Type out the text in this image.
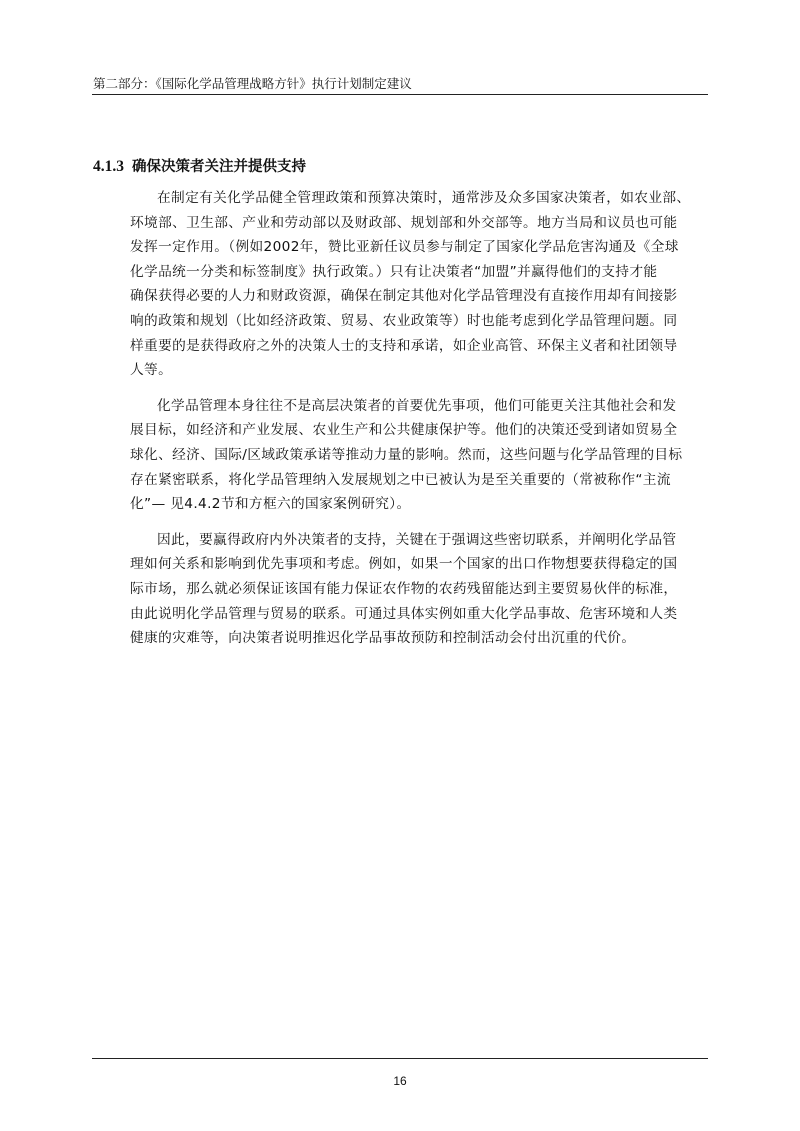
第二部分：《国际化学品管理战略方针》执行计划制定建议
4.1.3 确保决策者关注并提供支持
在制定有关化学品健全管理政策和预算决策时，通常涉及众多国家决策者，如农业部、
环境部、卫生部、产业和劳动部以及财政部、规划部和外交部等。地方当局和议员也可能
发挥一定作用。（例如2002年，赞比亚新任议员参与制定了国家化学品危害沟通及《全球
化学品统一分类和标签制度》执行政策。）只有让决策者“加盟”并赢得他们的支持才能
确保获得必要的人力和财政资源，确保在制定其他对化学品管理没有直接作用却有间接影
响的政策和规划（比如经济政策、贸易、农业政策等）时也能考虑到化学品管理问题。同
样重要的是获得政府之外的决策人士的支持和承诺，如企业高管、环保主义者和社团领导
人等。
化学品管理本身往往不是高层决策者的首要优先事项，他们可能更关注其他社会和发
展目标，如经济和产业发展、农业生产和公共健康保护等。他们的决策还受到诸如贸易全
球化、经济、国际/区域政策承诺等推动力量的影响。然而，这些问题与化学品管理的目标
存在紧密联系，将化学品管理纳入发展规划之中已被认为是至关重要的（常被称作“主流
化”— 见4.4.2节和方框六的国家案例研究）。
因此，要赢得政府内外决策者的支持，关键在于强调这些密切联系，并阐明化学品管
理如何关系和影响到优先事项和考虑。例如，如果一个国家的出口作物想要获得稳定的国
际市场，那么就必须保证该国有能力保证农作物的农药残留能达到主要贸易伙伴的标准，
由此说明化学品管理与贸易的联系。可通过具体实例如重大化学品事故、危害环境和人类
健康的灾难等，向决策者说明推迟化学品事故预防和控制活动会付出沉重的代价。
16
